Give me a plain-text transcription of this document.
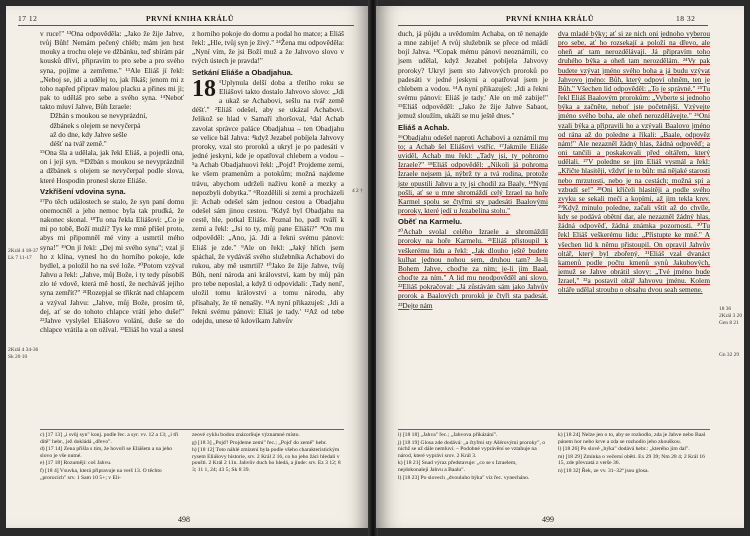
17 12	PRVNÍ KNIHA KRÁLŮ
2Král 4 18-37
Lk 7 11-17
2Král 4 34-36
Sk 20 10
4 2 †

v ruce!" ¹³Ona odpověděla: „Jako že žije Jahve, tvůj Bůh! Nemám pečený chléb; mám jen hrst mouky a trochu oleje ve džbánku, teď sbírám pár kousků dříví, připravím to pro sebe a pro svého syna, pojíme a zemřeme." ¹³Ale Eliáš jí řekl: „Neboj se, jdi a udělej to, jak říkáš; jenom mi z toho napřed připrav malou placku a přines mi ji; pak to uděláš pro sebe a svého syna. ¹⁴Neboť takto mluví Jahve, Bůh Izraele:

Džbán s moukou se nevyprázdní,

džbánek s olejem se nevyčerpá

až do dne, kdy Jahve sešle

déšť na tvář země."

¹⁵Ona šla a udělala, jak řekl Eliáš, a pojedli ona, on i její syn. ¹⁶Džbán s moukou se nevyprázdnil a džbánek s olejem se nevyčerpal podle slova, které Hospodin pronesl skrze Eliáše.

Vzkříšení vdovina syna.

¹⁷Po těch událostech se stalo, že syn paní domu onemocněl a jeho nemoc byla tak prudká, že nakonec skonal. ¹⁸Tu ona řekla Eliášovi: „Co je mi po tobě, Boží muži? Tys ke mně přišel proto, abys mi připomněl mé viny a usmrtil mého syna!" ¹⁹On jí řekl: „Dej mi svého syna"; vzal jí ho z klína, vynesl ho do horního pokoje, kde bydlel, a položil ho na své lože. ²⁰Potom vzýval Jahvu a řekl: „Jahve, můj Bože, i ty tedy působíš zlo té vdově, která mě hostí, že necháváš jejího syna zemřít?" ²¹Rozepjal se třikrát nad chlapcem a vzýval Jahvu: „Jahve, můj Bože, prosím tě, dej, ať se do tohoto chlapce vrátí jeho duše!" ²²Jahve vyslyšel Eliášovo volání, duše se do chlapce vrátila a on ožíval. ²³Eliáš ho vzal a snesl

z horního pokoje do domu a podal ho matce; a Eliáš řekl: „Hle, tvůj syn je živý." ²⁴Žena mu odpověděla: „Nyní vím, že jsi Boží muž a že Jahvovo slovo v tvých ústech je pravda!"

Setkání Eliáše a Obadjahua.

18 ¹Uplynula delší doba a třetího roku se Eliášovi takto dostalo Jahvovo slovo: „Jdi a ukaž se Achabovi, sešlu na tvář země déšť." ²Eliáš odešel, aby se ukázal Achabovi. Jelikož se hlad v Samaří zhoršoval, ³dal Achab zavolat správce paláce Obadjahua – ten Obadjahu se velice bál Jahva: ⁴když Jezabel pobíjela Jahvovy proroky, vzal sto proroků a ukryl je po padesáti v jedné jeskyni, kde je opatřoval chlebem a vodou – ⁵a Achab Obadjahuovi řekl: „Pojď! Projdeme zemi, ke všem pramenům a potokům; možná najdeme trávu, abychom udrželi naživu koně a mezky a nepozbyli dobytka." ⁶Rozdělili si zemi a procházeli ji: Achab odešel sám jednou cestou a Obadjahu odešel sám jinou cestou. ⁷Když byl Obadjahu na cestě, hle, potkal Eliáše. Poznal ho, padl tváří k zemi a řekl: „Jsi to ty, můj pane Eliáši?" ⁸On mu odpověděl: „Ano, já. Jdi a řekni svému pánovi: Eliáš je zde." ⁹Ale on řekl: „Jaký hřích jsem spáchal, že vydáváš svého služebníka Achabovi do rukou, aby mě usmrtil? ¹⁰Jako že žije Jahve, tvůj Bůh, není národa ani království, kam by můj pán pro tebe neposlal, a když ti odpovídali: ‚Tady není', uložil tomu království a tomu národu, aby přísahaly, že tě nenašly. ¹¹A nyní přikazuješ: ‚Jdi a řekni svému pánovi: Eliáš je tady.' ¹²Až od tebe odejdu, unese tě kdovíkam Jahvův

c) [17 13] „i svůj syn" konj. podle řec. a syr. vv. 12 a 13; „i tři dítě" hebr., jež dokládá „dřevo".

d) [17 14] Zena přišla s tím, že hovoří se Eliášem a na jeho slovo je vše nutné.

e) [17 18] Rozumějí: coš Jahvu.

f) [18 4] Vsuvka, která připravuje na verš 13. O těchto „prorocích" srv. 1 Sam 10 5+; v Eli-

zeové cyklu bodou znázorňuje významné místo.

g) [18 3] „Pojď! Projdeme zemi" řec.; „Pojď do země" hebr.

h) [18 12] Toto náhlé zmizení byla podle všeho charakteristickým rysem Eliášovy historie, srv. 2 Král 2 16, co ho jeho žáci hledali v poušti. 2 Král 2 11n. Jahvův duch ho hledá, a jinde: srv. Ez 3 12; 8 3; 11 1, 24; 43 5; Sk 8 39.

498
PRVNÍ KNIHA KRÁLŮ	18 32
18 36
2Král 3 20
Gen 8 21
Gn 32 29

duch, já půjdu a uvědomím Achaba, on tě nenajde a mne zabije! A tvůj služebník se přece od mládí bojí Jahva. ¹³Copak mému pánovi neoznámili, co jsem udělal, když Jezabel pobíjela Jahvovy proroky? Ukryl jsem sto Jahvových proroků po padesáti v jedné jeskyni a opatřoval jsem je chlebem a vodou. ¹⁴A nyní přikazuješ: ‚Jdi a řekni svému pánovi: Eliáš je tady.' Ale on mě zabije!" ¹⁵Eliáš odpověděl: „Jako že žije Jahve Sabaot, jemuž sloužím, ukáži se mu ještě dnes."

Eliáš a Achab.

¹⁶Obadjahu odešel naproti Achabovi a oznámil mu to; a Achab šel Eliášovi vstříc. ¹⁷Jakmile Eliáše uviděl, Achab mu řekl: „Tady jsi, ty pohromo Izraele?" ¹⁸Eliáš odpověděl: „Nikoli já pohroma Izraele nejsem já, nýbrž ty a tvá rodina, protože jste opustili Jahvu a ty jsi chodil za Baaly. ¹⁹Nyní pošli, ať se u mne shromáždí celý Izrael na hoře Karmel spolu se čtyřmi sty padesáti Baalovými proroky, které jedí u Jezabelina stolu."

Oběť na Karmelu.

²⁰Achab svolal celého Izraele a shromáždil proroky na hoře Karmelu. ²¹Eliáš přistoupil k veškerému lidu a řekl: „Jak dlouho ještě budete kulhat jednou nohou sem, druhou tam? Je-li Bohem Jahve, choďte za ním; je-li jím Baal, choďte za ním." A lid mu neodpověděl ani slovo. ²²Eliáš pokračoval: „Já zůstávám sám jako Jahvův prorok a Baalových proroků je čtyři sta padesát. ²³Dejte nám

dva mladé býky; ať si ze nich oni jednoho vyberou pro sebe, ať ho rozsekají a položí na dřevo, ale oheň ať tam nerozdělávají. Já připravím toho druhého býka a oheň tam nerozdělám. ²⁴Vy pak budete vzývat jméno svého boha a já budu vzývat Jahvovo jméno: Bůh, který odpoví ohněm, ten je Bůh." Všechen lid odpověděl: „To je správné." ²⁵Tu řekl Eliáš Baalovým prorokům: „Vyberte si jednoho býka a začněte, neboť jste početnější. Vzývejte jméno svého boha, ale oheň nerozdělávejte." ²⁶Oni vzali býka a připravili ho a vzývali Baalovo jméno od rána až do poledne a říkali: „Baale, odpověz nám!" Ale nezazněl žádný hlas, žádná odpověď; a oni tančili a poskakovali před oltářem, který udělali. ²⁷V poledne se jim Eliáš vysmál a řekl: „Křičte hlasitěji, vždyť je to bůh: má nějaké starosti nebo mrzutosti, nebo je na cestách; možná spí a vzbudí se!" ²⁸Oni křičeli hlasitěji a podle svého zvyku se sekali mečí a kopími, až jim tekla krev. ²⁹Když minulo poledne, začali vštít až do chvíle, kdy se podává obětní dar, ale nezazněl žádný hlas, žádná odpověď, žádná známka pozornosti. ³⁰Tu řekl Eliáš veškerému lidu: „Přistupte ke mně." A všechen lid k němu přistoupil. On opravil Jahvův oltář, který byl zbořený. ³¹Eliáš vzal dvanáct kamenů podle počtu kmenů synů Jakubových, jemuž se Jahve obrátil slovy: „Tvé jméno bude Izrael," ³²a postavil oltář Jahvovu jménu. Kolem oltáře udělal strouhu o obsahu dvou seah semene.

i) [18 18] „Jahva" řec.; „Jahvova přikázání".

j) [18 19] Glosa zde dodává: „a čtyřmi sty Ašérovými proroky", o nichž se už dále nemluví. – Podobné vyprávění se vztahuje na národ, které vypráví srov. 2 Král 3.

k) [18 21] Snad výraz představuje: „co se s Izraelem, nejdokonaleji Jahvu a Baalu".

l) [18 23] Po slovech „dvouluho býka" viz řec. vynecháno.

k) [18 24] Nelze jen o to, aby se rozhodlo, zda je Jahve nebo Baal pánem hor nebo krve a zda se rozhodlo jeho zkouškou.

l) [18 26] Po slově „býka" dodává hebr.: „kterého jim dal".

m) [18 29] Zmínka o večerní oběti. Ex 29 39; Nm 28 4; 2 Král 16 15, zde převzatá z verše 36.

n) [18 32] Řek, ze vv. 31–32ª jsou glosa.

499
